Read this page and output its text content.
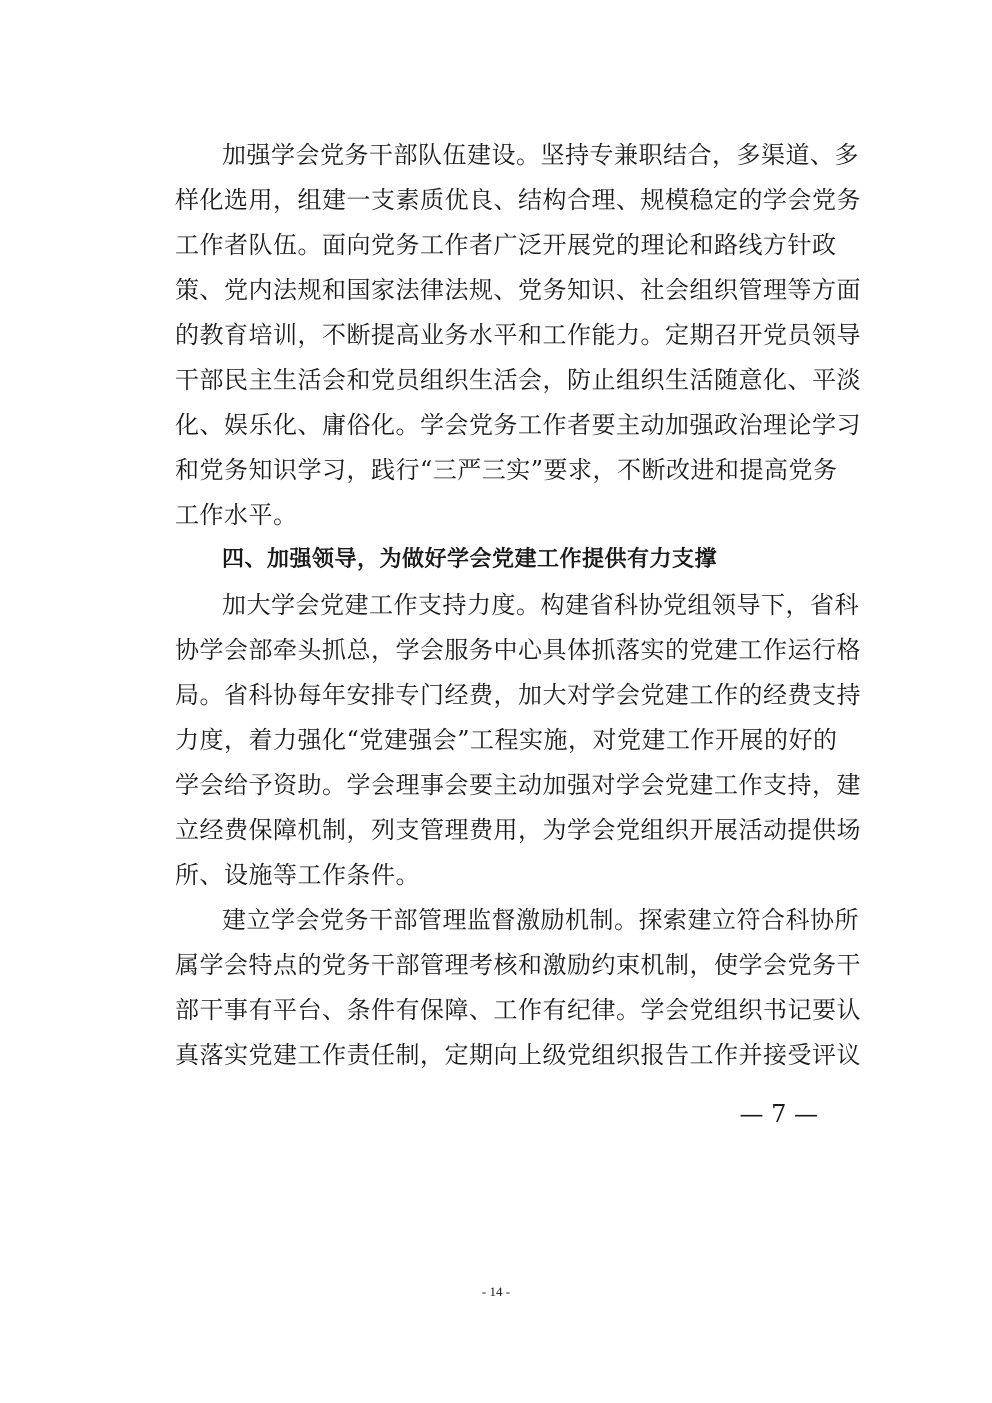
加强学会党务干部队伍建设。坚持专兼职结合，多渠道、多
样化选用，组建一支素质优良、结构合理、规模稳定的学会党务
工作者队伍。面向党务工作者广泛开展党的理论和路线方针政
策、党内法规和国家法律法规、党务知识、社会组织管理等方面
的教育培训，不断提高业务水平和工作能力。定期召开党员领导
干部民主生活会和党员组织生活会，防止组织生活随意化、平淡
化、娱乐化、庸俗化。学会党务工作者要主动加强政治理论学习
和党务知识学习，践行“三严三实”要求，不断改进和提高党务
工作水平。
四、加强领导，为做好学会党建工作提供有力支撑
加大学会党建工作支持力度。构建省科协党组领导下，省科
协学会部牵头抓总，学会服务中心具体抓落实的党建工作运行格
局。省科协每年安排专门经费，加大对学会党建工作的经费支持
力度，着力强化“党建强会”工程实施，对党建工作开展的好的
学会给予资助。学会理事会要主动加强对学会党建工作支持，建
立经费保障机制，列支管理费用，为学会党组织开展活动提供场
所、设施等工作条件。
建立学会党务干部管理监督激励机制。探索建立符合科协所
属学会特点的党务干部管理考核和激励约束机制，使学会党务干
部干事有平台、条件有保障、工作有纪律。学会党组织书记要认
真落实党建工作责任制，定期向上级党组织报告工作并接受评议
— 7 —
- 14 -
